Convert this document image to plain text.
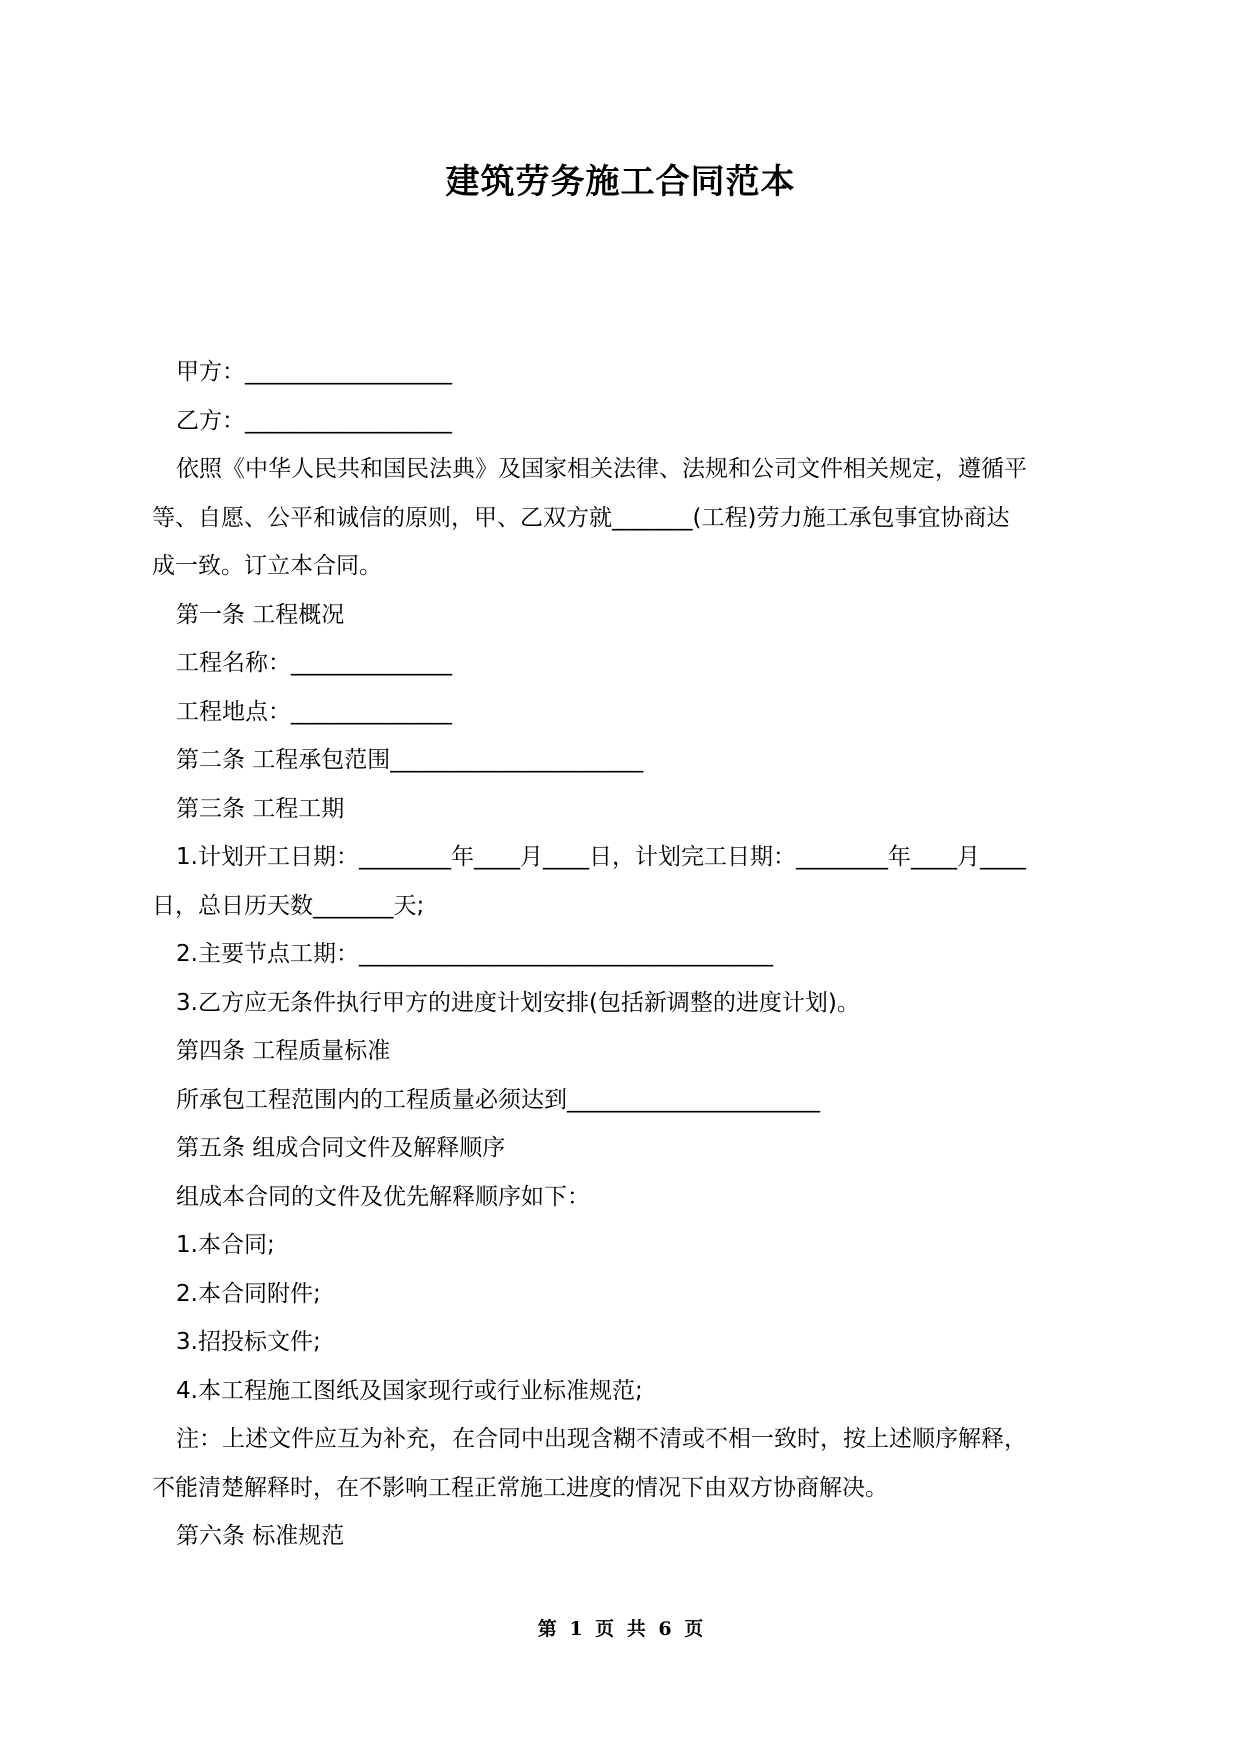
建筑劳务施工合同范本
甲方：__________________
乙方：__________________
依照《中华人民共和国民法典》及国家相关法律、法规和公司文件相关规定，遵循平
等、自愿、公平和诚信的原则，甲、乙双方就_______(工程)劳力施工承包事宜协商达
成一致。订立本合同。
第一条 工程概况
工程名称：______________
工程地点：______________
第二条 工程承包范围______________________
第三条 工程工期
1.计划开工日期：________年____月____日，计划完工日期：________年____月____
日，总日历天数_______天;
2.主要节点工期：____________________________________
3.乙方应无条件执行甲方的进度计划安排(包括新调整的进度计划)。
第四条 工程质量标准
所承包工程范围内的工程质量必须达到______________________
第五条 组成合同文件及解释顺序
组成本合同的文件及优先解释顺序如下：
1.本合同;
2.本合同附件;
3.招投标文件;
4.本工程施工图纸及国家现行或行业标准规范;
注：上述文件应互为补充，在合同中出现含糊不清或不相一致时，按上述顺序解释，
不能清楚解释时，在不影响工程正常施工进度的情况下由双方协商解决。
第六条 标准规范
第 1 页 共 6 页
